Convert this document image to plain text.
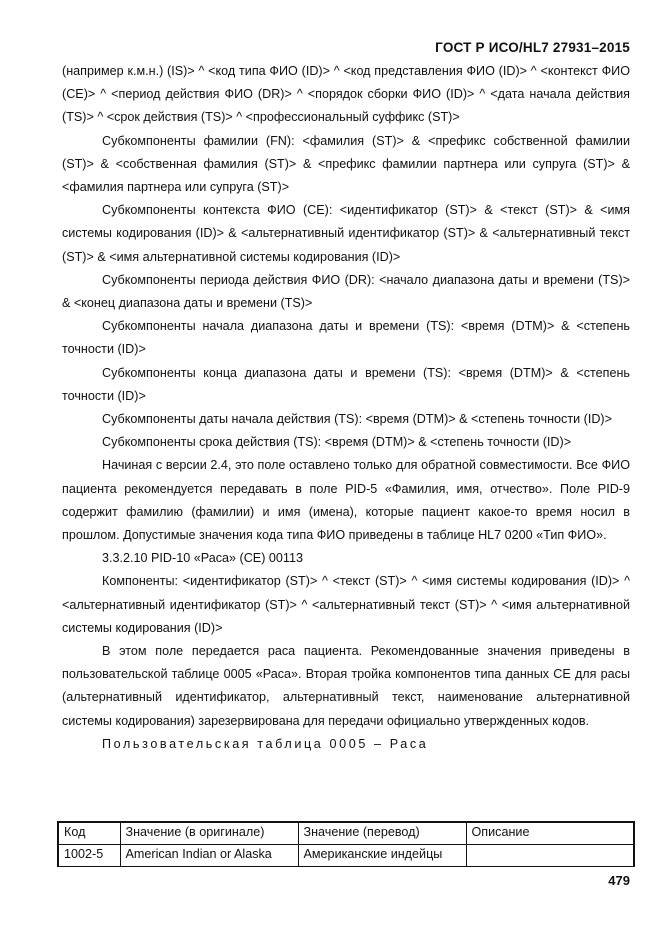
ГОСТ Р ИСО/HL7 27931–2015

(например к.м.н.) (IS)> ^ <код типа ФИО (ID)> ^ <код представления ФИО (ID)> ^ <контекст ФИО (CE)> ^ <период действия ФИО (DR)> ^ <порядок сборки ФИО (ID)> ^ <дата начала действия (TS)> ^ <срок действия (TS)> ^ <профессиональный суффикс (ST)>

Субкомпоненты фамилии (FN): <фамилия (ST)> & <префикс собственной фамилии (ST)> & <собственная фамилия (ST)> & <префикс фамилии партнера или супруга (ST)> & <фамилия партнера или супруга (ST)>

Субкомпоненты контекста ФИО (CE): <идентификатор (ST)> & <текст (ST)> & <имя системы кодирования (ID)> & <альтернативный идентификатор (ST)> & <альтернативный текст (ST)> & <имя альтернативной системы кодирования (ID)>

Субкомпоненты периода действия ФИО (DR): <начало диапазона даты и времени (TS)> & <конец диапазона даты и времени (TS)>

Субкомпоненты начала диапазона даты и времени (TS): <время (DTM)> & <степень точности (ID)>

Субкомпоненты конца диапазона даты и времени (TS): <время (DTM)> & <степень точности (ID)>

Субкомпоненты даты начала действия (TS): <время (DTM)> & <степень точности (ID)>

Субкомпоненты срока действия (TS): <время (DTM)> & <степень точности (ID)>

Начиная с версии 2.4, это поле оставлено только для обратной совместимости. Все ФИО пациента рекомендуется передавать в поле PID-5 «Фамилия, имя, отчество». Поле PID-9 содержит фамилию (фамилии) и имя (имена), которые пациент какое-то время носил в прошлом. Допустимые значения кода типа ФИО приведены в таблице HL7 0200 «Тип ФИО».

3.3.2.10 PID-10 «Раса» (CE) 00113

Компоненты: <идентификатор (ST)> ^ <текст (ST)> ^ <имя системы кодирования (ID)> ^ <альтернативный идентификатор (ST)> ^ <альтернативный текст (ST)> ^ <имя альтернативной системы кодирования (ID)>

В этом поле передается раса пациента. Рекомендованные значения приведены в пользовательской таблице 0005 «Раса». Вторая тройка компонентов типа данных CE для расы (альтернативный идентификатор, альтернативный текст, наименование альтернативной системы кодирования) зарезервирована для передачи официально утвержденных кодов.

Пользовательская таблица 0005 – Раса

Код	Значение (в оригинале)	Значение (перевод)	Описание
1002-5	American Indian or Alaska	Американские индейцы	
479
